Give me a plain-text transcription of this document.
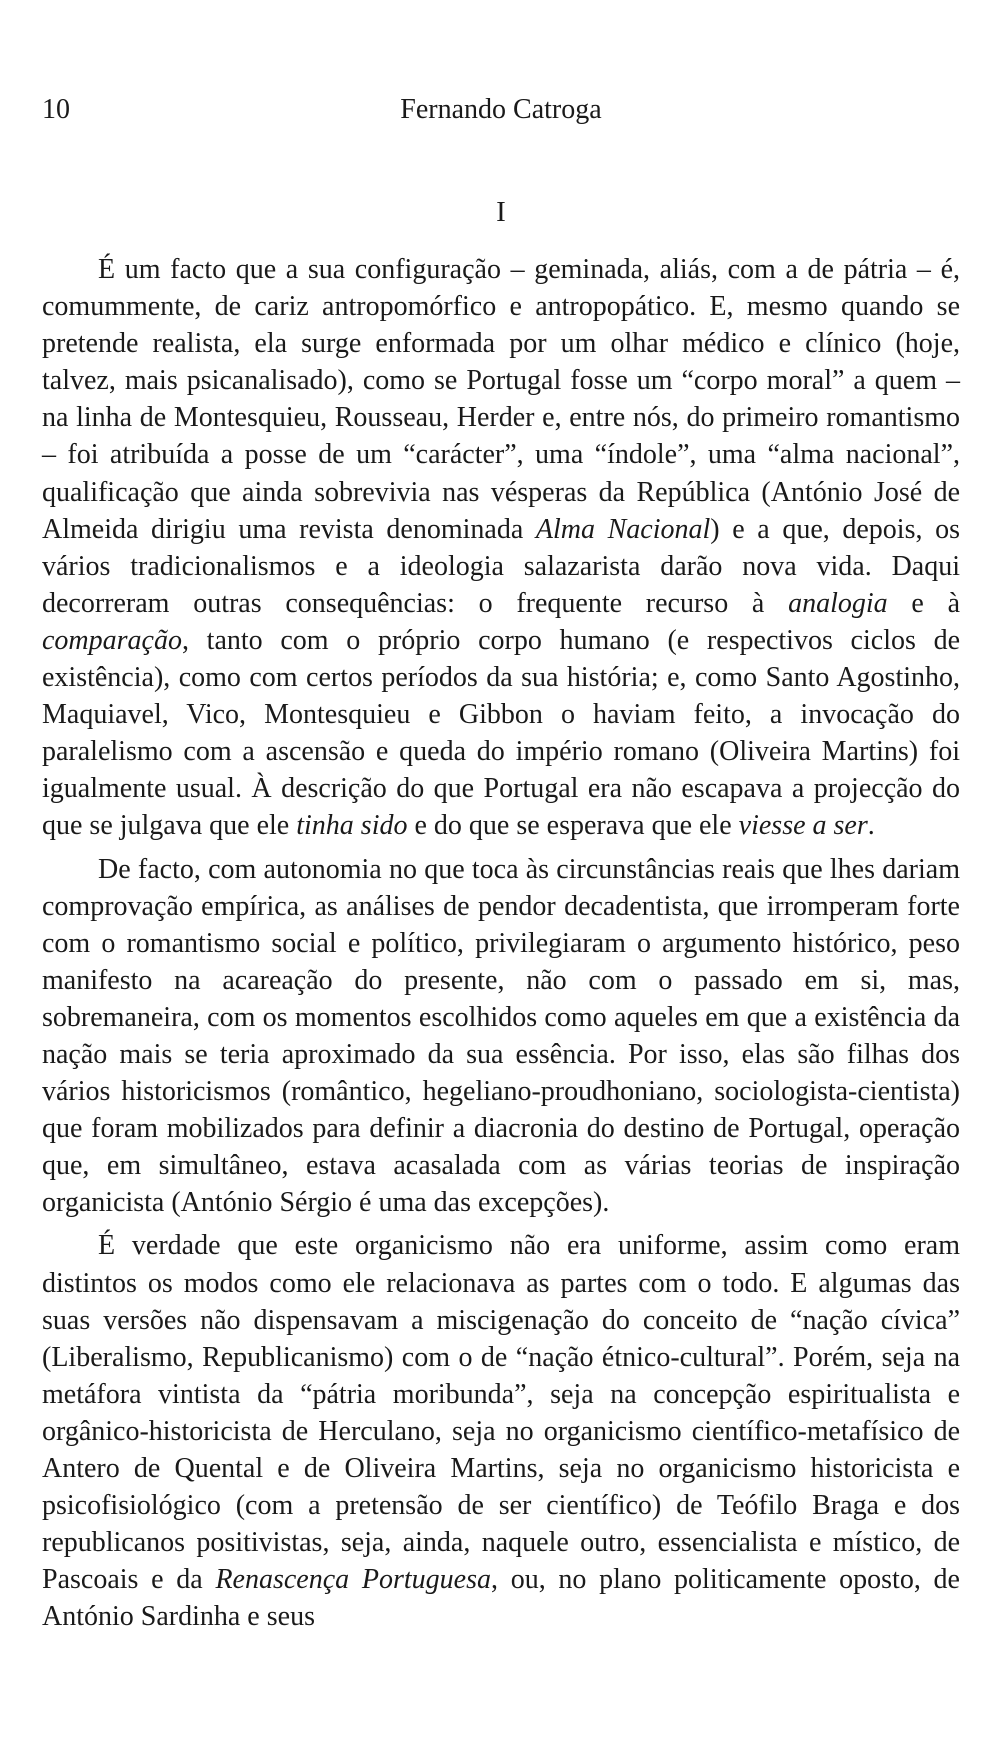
10	Fernando Catroga
I

É um facto que a sua configuração – geminada, aliás, com a de pátria – é, comummente, de cariz antropomórfico e antropopático. E, mesmo quando se pretende realista, ela surge enformada por um olhar médico e clínico (hoje, talvez, mais psicanalisado), como se Portugal fosse um “corpo moral” a quem – na linha de Montesquieu, Rousseau, Herder e, entre nós, do primeiro romantismo – foi atribuída a posse de um “carácter”, uma “índole”, uma “alma nacional”, qualificação que ainda sobrevivia nas vésperas da República (António José de Almeida dirigiu uma revista denominada Alma Nacional) e a que, depois, os vários tradicionalismos e a ideologia salazarista darão nova vida. Daqui decorreram outras consequências: o frequente recurso à analogia e à comparação, tanto com o próprio corpo humano (e respectivos ciclos de existência), como com certos períodos da sua história; e, como Santo Agostinho, Maquiavel, Vico, Montesquieu e Gibbon o haviam feito, a invocação do paralelismo com a ascensão e queda do império romano (Oliveira Martins) foi igualmente usual. À descrição do que Portugal era não escapava a projecção do que se julgava que ele tinha sido e do que se esperava que ele viesse a ser.

De facto, com autonomia no que toca às circunstâncias reais que lhes dariam comprovação empírica, as análises de pendor decadentista, que irromperam forte com o romantismo social e político, privilegiaram o argumento histórico, peso manifesto na acareação do presente, não com o passado em si, mas, sobremaneira, com os momentos escolhidos como aqueles em que a existência da nação mais se teria aproximado da sua essência. Por isso, elas são filhas dos vários historicismos (romântico, hegeliano-proudhoniano, sociologista-cientista) que foram mobilizados para definir a diacronia do destino de Portugal, operação que, em simultâneo, estava acasalada com as várias teorias de inspiração organicista (António Sérgio é uma das excepções).

É verdade que este organicismo não era uniforme, assim como eram distintos os modos como ele relacionava as partes com o todo. E algumas das suas versões não dispensavam a miscigenação do conceito de “nação cívica” (Liberalismo, Republicanismo) com o de “nação étnico-cultural”. Porém, seja na metáfora vintista da “pátria moribunda”, seja na concepção espiritualista e orgânico-historicista de Herculano, seja no organicismo científico-metafísico de Antero de Quental e de Oliveira Martins, seja no organicismo historicista e psicofisiológico (com a pretensão de ser científico) de Teófilo Braga e dos republicanos positivistas, seja, ainda, naquele outro, essencialista e místico, de Pascoais e da Renascença Portuguesa, ou, no plano politicamente oposto, de António Sardinha e seus
